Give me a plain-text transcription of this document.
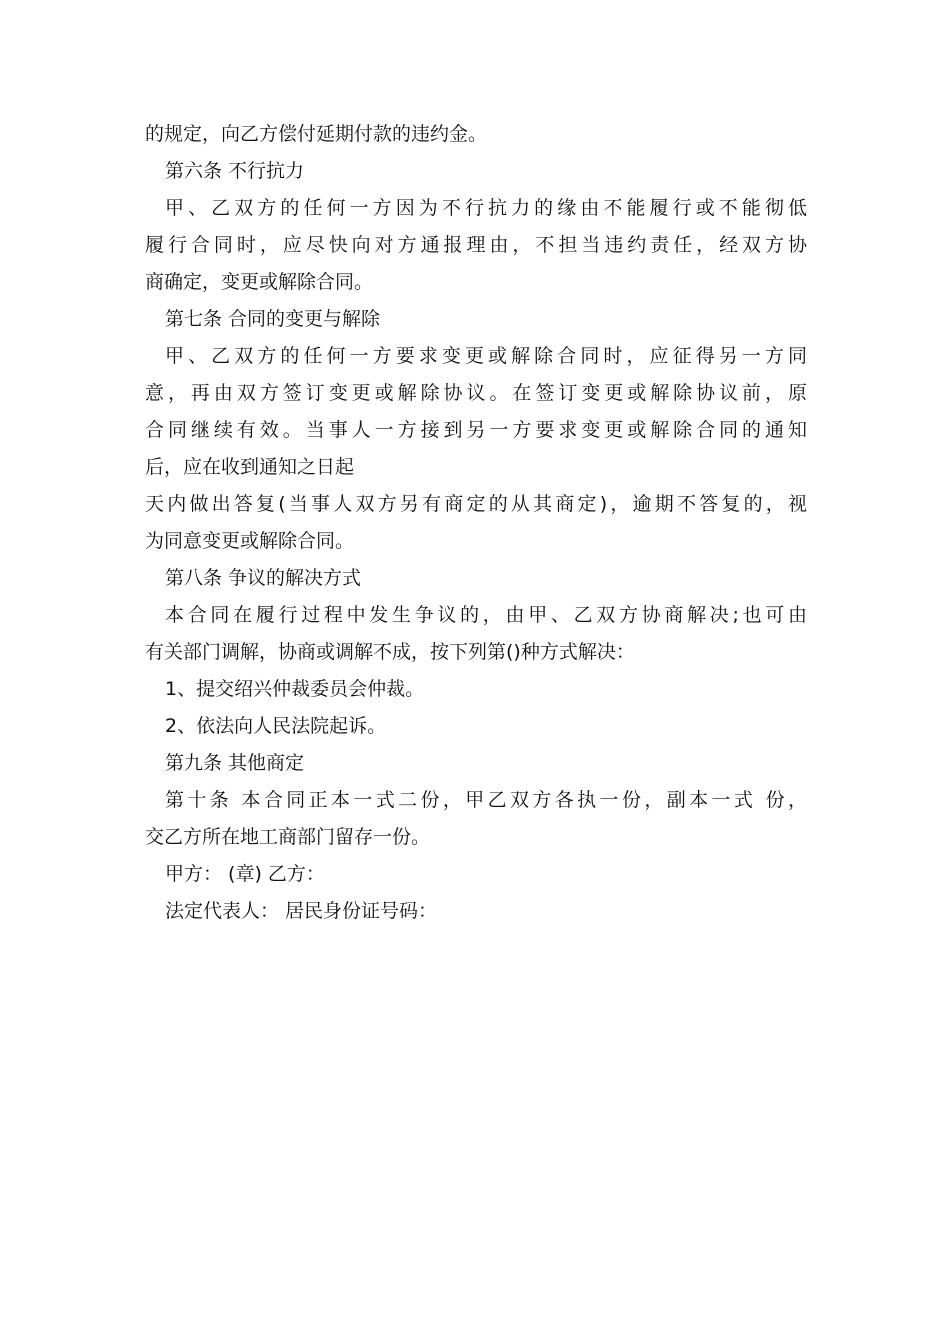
的规定，向乙方偿付延期付款的违约金。
第六条 不行抗力
甲、乙双方的任何一方因为不行抗力的缘由不能履行或不能彻低
履行合同时，应尽快向对方通报理由，不担当违约责任，经双方协
商确定，变更或解除合同。
第七条 合同的变更与解除
甲、乙双方的任何一方要求变更或解除合同时，应征得另一方同
意，再由双方签订变更或解除协议。在签订变更或解除协议前，原
合同继续有效。当事人一方接到另一方要求变更或解除合同的通知
后，应在收到通知之日起
天内做出答复(当事人双方另有商定的从其商定)，逾期不答复的，视
为同意变更或解除合同。
第八条 争议的解决方式
本合同在履行过程中发生争议的，由甲、乙双方协商解决;也可由
有关部门调解，协商或调解不成，按下列第()种方式解决：
1、提交绍兴仲裁委员会仲裁。
2、依法向人民法院起诉。
第九条 其他商定
第十条 本合同正本一式二份，甲乙双方各执一份，副本一式 份，
交乙方所在地工商部门留存一份。
甲方： (章) 乙方：
法定代表人： 居民身份证号码：
